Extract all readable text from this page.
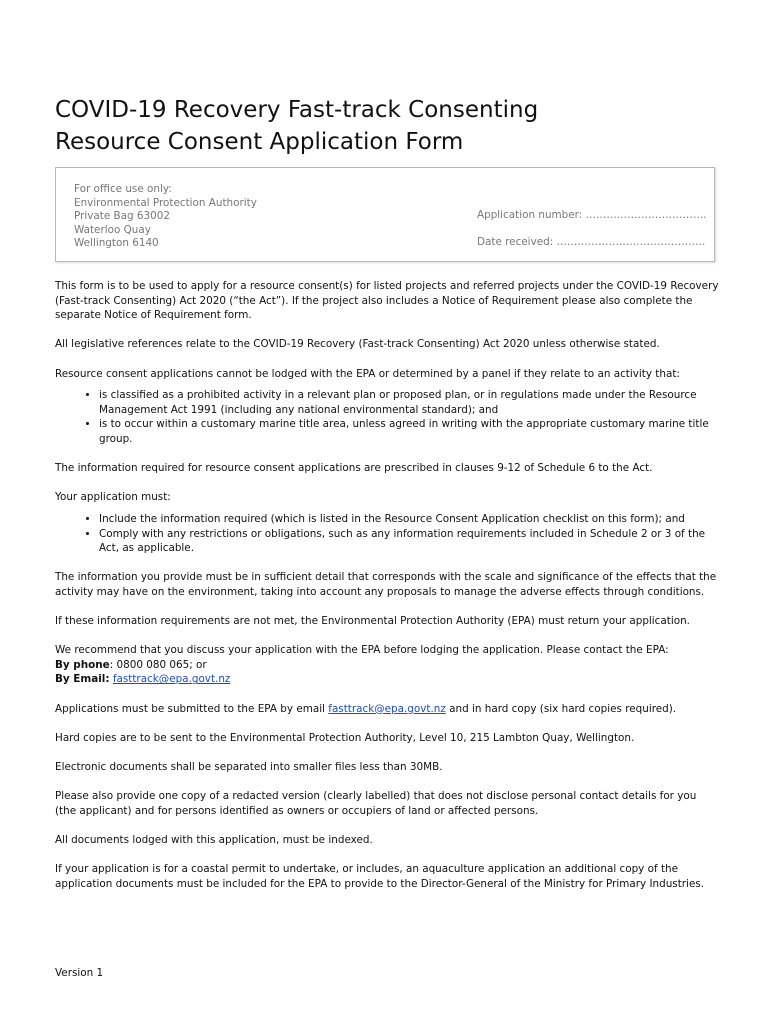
COVID-19 Recovery Fast-track Consenting
Resource Consent Application Form
For office use only:
Environmental Protection Authority
Private Bag 63002
Waterloo Quay
Wellington 6140
Application number: ……………………………..
Date received: …………………………………….

This form is to be used to apply for a resource consent(s) for listed projects and referred projects under the COVID-19 Recovery (Fast-track Consenting) Act 2020 (“the Act”). If the project also includes a Notice of Requirement please also complete the separate Notice of Requirement form.

All legislative references relate to the COVID-19 Recovery (Fast-track Consenting) Act 2020 unless otherwise stated.

Resource consent applications cannot be lodged with the EPA or determined by a panel if they relate to an activity that:

• is classified as a prohibited activity in a relevant plan or proposed plan, or in regulations made under the Resource Management Act 1991 (including any national environmental standard); and
• is to occur within a customary marine title area, unless agreed in writing with the appropriate customary marine title group.

The information required for resource consent applications are prescribed in clauses 9-12 of Schedule 6 to the Act.

Your application must:

• Include the information required (which is listed in the Resource Consent Application checklist on this form); and
• Comply with any restrictions or obligations, such as any information requirements included in Schedule 2 or 3 of the Act, as applicable.

The information you provide must be in sufficient detail that corresponds with the scale and significance of the effects that the activity may have on the environment, taking into account any proposals to manage the adverse effects through conditions.

If these information requirements are not met, the Environmental Protection Authority (EPA) must return your application.

We recommend that you discuss your application with the EPA before lodging the application. Please contact the EPA:
By phone: 0800 080 065; or
By Email: fasttrack@epa.govt.nz

Applications must be submitted to the EPA by email fasttrack@epa.govt.nz and in hard copy (six hard copies required).

Hard copies are to be sent to the Environmental Protection Authority, Level 10, 215 Lambton Quay, Wellington.

Electronic documents shall be separated into smaller files less than 30MB.

Please also provide one copy of a redacted version (clearly labelled) that does not disclose personal contact details for you (the applicant) and for persons identified as owners or occupiers of land or affected persons.

All documents lodged with this application, must be indexed.

If your application is for a coastal permit to undertake, or includes, an aquaculture application an additional copy of the application documents must be included for the EPA to provide to the Director-General of the Ministry for Primary Industries.

Version 1
